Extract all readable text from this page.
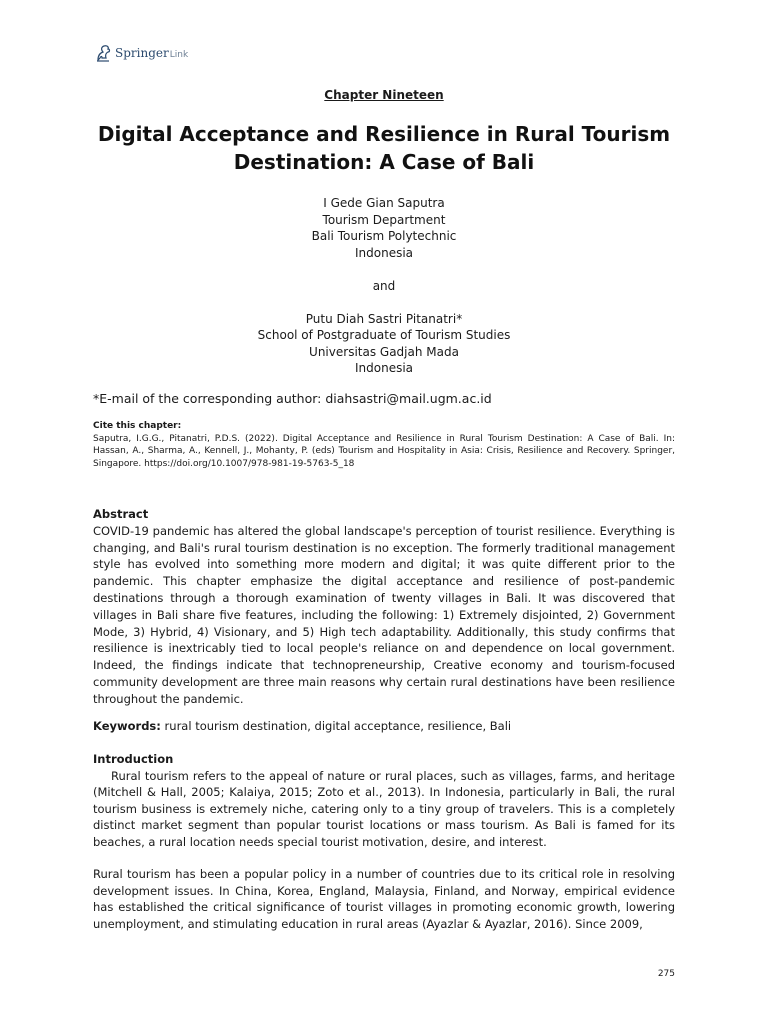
SpringerLink
Chapter Nineteen
Digital Acceptance and Resilience in Rural Tourism
Destination: A Case of Bali
I Gede Gian Saputra
Tourism Department
Bali Tourism Polytechnic
Indonesia
and
Putu Diah Sastri Pitanatri*
School of Postgraduate of Tourism Studies
Universitas Gadjah Mada
Indonesia
*E-mail of the corresponding author: diahsastri@mail.ugm.ac.id
Cite this chapter:
Saputra, I.G.G., Pitanatri, P.D.S. (2022). Digital Acceptance and Resilience in Rural Tourism Destination: A Case of Bali. In: Hassan, A., Sharma, A., Kennell, J., Mohanty, P. (eds) Tourism and Hospitality in Asia: Crisis, Resilience and Recovery. Springer, Singapore. https://doi.org/10.1007/978-981-19-5763-5_18
Abstract
COVID-19 pandemic has altered the global landscape's perception of tourist resilience. Everything is changing, and Bali's rural tourism destination is no exception. The formerly traditional management style has evolved into something more modern and digital; it was quite different prior to the pandemic. This chapter emphasize the digital acceptance and resilience of post-pandemic destinations through a thorough examination of twenty villages in Bali. It was discovered that villages in Bali share five features, including the following: 1) Extremely disjointed, 2) Government Mode, 3) Hybrid, 4) Visionary, and 5) High tech adaptability. Additionally, this study confirms that resilience is inextricably tied to local people's reliance on and dependence on local government. Indeed, the findings indicate that technopreneurship, Creative economy and tourism-focused community development are three main reasons why certain rural destinations have been resilience throughout the pandemic.
Keywords: rural tourism destination, digital acceptance, resilience, Bali
Introduction
Rural tourism refers to the appeal of nature or rural places, such as villages, farms, and heritage (Mitchell & Hall, 2005; Kalaiya, 2015; Zoto et al., 2013). In Indonesia, particularly in Bali, the rural tourism business is extremely niche, catering only to a tiny group of travelers. This is a completely distinct market segment than popular tourist locations or mass tourism. As Bali is famed for its beaches, a rural location needs special tourist motivation, desire, and interest.
Rural tourism has been a popular policy in a number of countries due to its critical role in resolving development issues. In China, Korea, England, Malaysia, Finland, and Norway, empirical evidence has established the critical significance of tourist villages in promoting economic growth, lowering unemployment, and stimulating education in rural areas (Ayazlar & Ayazlar, 2016). Since 2009,
275
